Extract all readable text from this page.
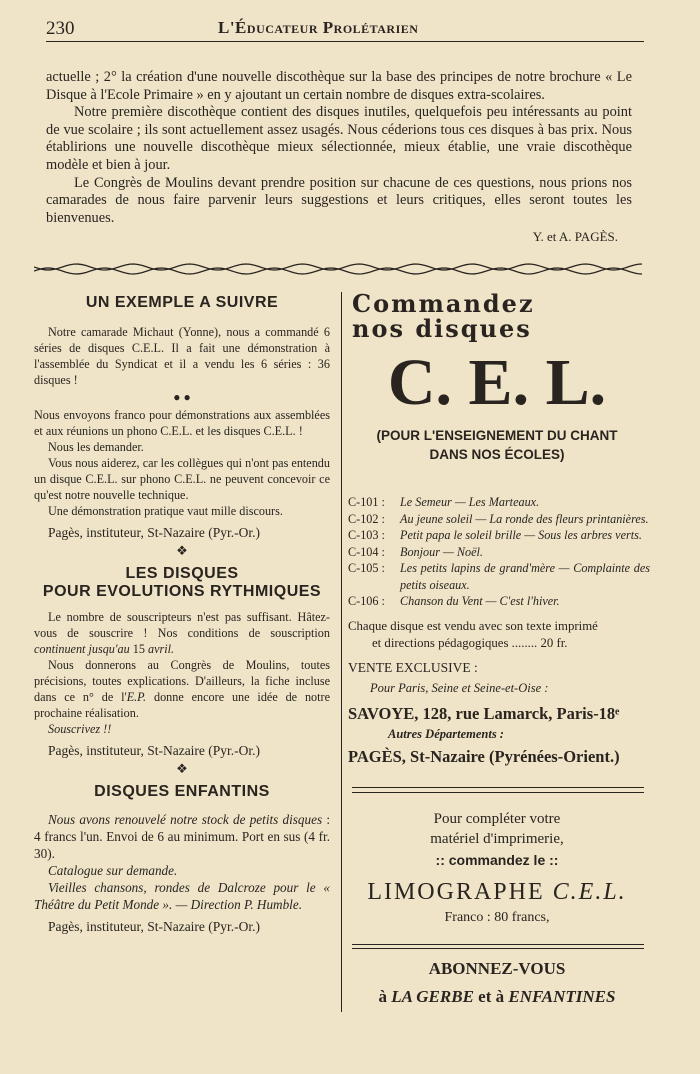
230	L'Éducateur Prolétarien
actuelle ; 2° la création d'une nouvelle discothèque sur la base des principes de notre brochure « Le Disque à l'Ecole Primaire » en y ajoutant un certain nombre de disques extra-scolaires.
Notre première discothèque contient des disques inutiles, quelquefois peu intéressants au point de vue scolaire ; ils sont actuellement assez usagés. Nous céderions tous ces disques à bas prix. Nous établirions une nouvelle discothèque mieux sélectionnée, mieux établie, une vraie discothèque modèle et bien à jour.
Le Congrès de Moulins devant prendre position sur chacune de ces questions, nous prions nos camarades de nous faire parvenir leurs suggestions et leurs critiques, elles seront toutes les bienvenues.
Y. et A. PAGÈS.
UN EXEMPLE A SUIVRE
Notre camarade Michaut (Yonne), nous a commandé 6 séries de disques C.E.L. Il a fait une démonstration à l'assemblée du Syndicat et il a vendu les 6 séries : 36 disques !
● ●
Nous envoyons franco pour démonstrations aux assemblées et aux réunions un phono C.E.L. et les disques C.E.L. !
Nous les demander.
Vous nous aiderez, car les collègues qui n'ont pas entendu un disque C.E.L. sur phono C.E.L. ne peuvent concevoir ce qu'est notre nouvelle technique.
Une démonstration pratique vaut mille discours.
Pagès, instituteur, St-Nazaire (Pyr.-Or.)
❖
LES DISQUES
POUR EVOLUTIONS RYTHMIQUES
Le nombre de souscripteurs n'est pas suffisant. Hâtez-vous de souscrire ! Nos conditions de souscription continuent jusqu'au 15 avril.
Nous donnerons au Congrès de Moulins, toutes précisions, toutes explications. D'ailleurs, la fiche incluse dans ce n° de l'E.P. donne encore une idée de notre prochaine réalisation.
Souscrivez !!
Pagès, instituteur, St-Nazaire (Pyr.-Or.)
❖
DISQUES ENFANTINS
Nous avons renouvelé notre stock de petits disques : 4 francs l'un. Envoi de 6 au minimum. Port en sus (4 fr. 30).
Catalogue sur demande.
Vieilles chansons, rondes de Dalcroze pour le « Théâtre du Petit Monde ». — Direction P. Humble.
Pagès, instituteur, St-Nazaire (Pyr.-Or.)
Commandez
nos disques
C. E. L.
(POUR L'ENSEIGNEMENT DU CHANT DANS NOS ÉCOLES)
C-101 :	Le Semeur — Les Marteaux.
C-102 :	Au jeune soleil — La ronde des fleurs printanières.
C-103 :	Petit papa le soleil brille — Sous les arbres verts.
C-104 :	Bonjour — Noël.
C-105 :	Les petits lapins de grand'mère — Complainte des petits oiseaux.
C-106 :	Chanson du Vent — C'est l'hiver.
Chaque disque est vendu avec son texte imprimé
et directions pédagogiques ........ 20 fr.
VENTE EXCLUSIVE :
Pour Paris, Seine et Seine-et-Oise :
SAVOYE, 128, rue Lamarck, Paris-18ᵉ
Autres Départements :
PAGÈS, St-Nazaire (Pyrénées-Orient.)
Pour compléter votre
matériel d'imprimerie,
:: commandez le ::
LIMOGRAPHE C.E.L.
Franco : 80 francs,
ABONNEZ-VOUS
à LA GERBE et à ENFANTINES
